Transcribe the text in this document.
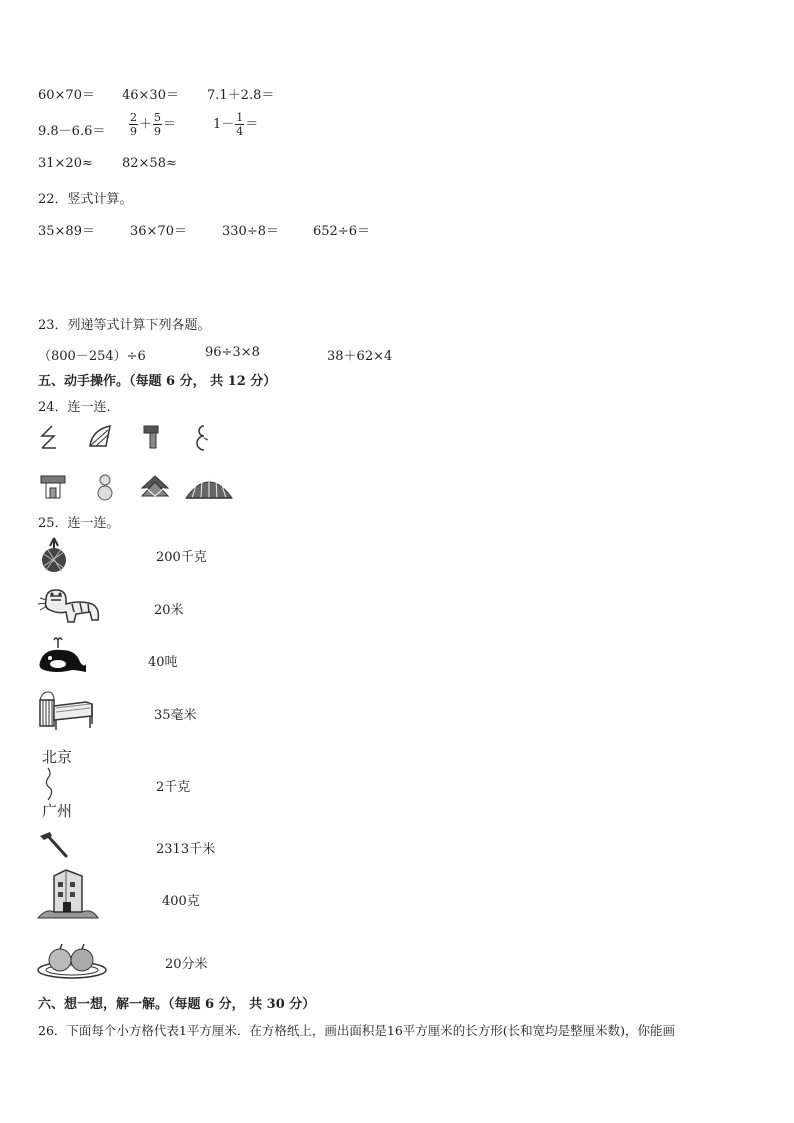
60×70＝ 46×30＝ 7.1＋2.8＝
$9.8-6.6= \frac{2}{9} + \frac{5}{9}$ ＝	$1- \frac{1}{4}$ ＝
31×20≈ 82×58≈
22．竖式计算。
35×89＝	36×70＝	330÷8＝	652÷6＝
23．列递等式计算下列各题。
（800－254）÷6	96÷3×8	38＋62×4
五、动手操作。（每题 6 分， 共 12 分）
24．连一连.
25．连一连。
200千克
20米
40吨
35毫米
北京
广州
2千克
2313千米
400克
20分米
六、想一想，解一解。（每题 6 分， 共 30 分）
26．下面每个小方格代表1平方厘米．在方格纸上，画出面积是16平方厘米的长方形(长和宽均是整厘米数)，你能画
